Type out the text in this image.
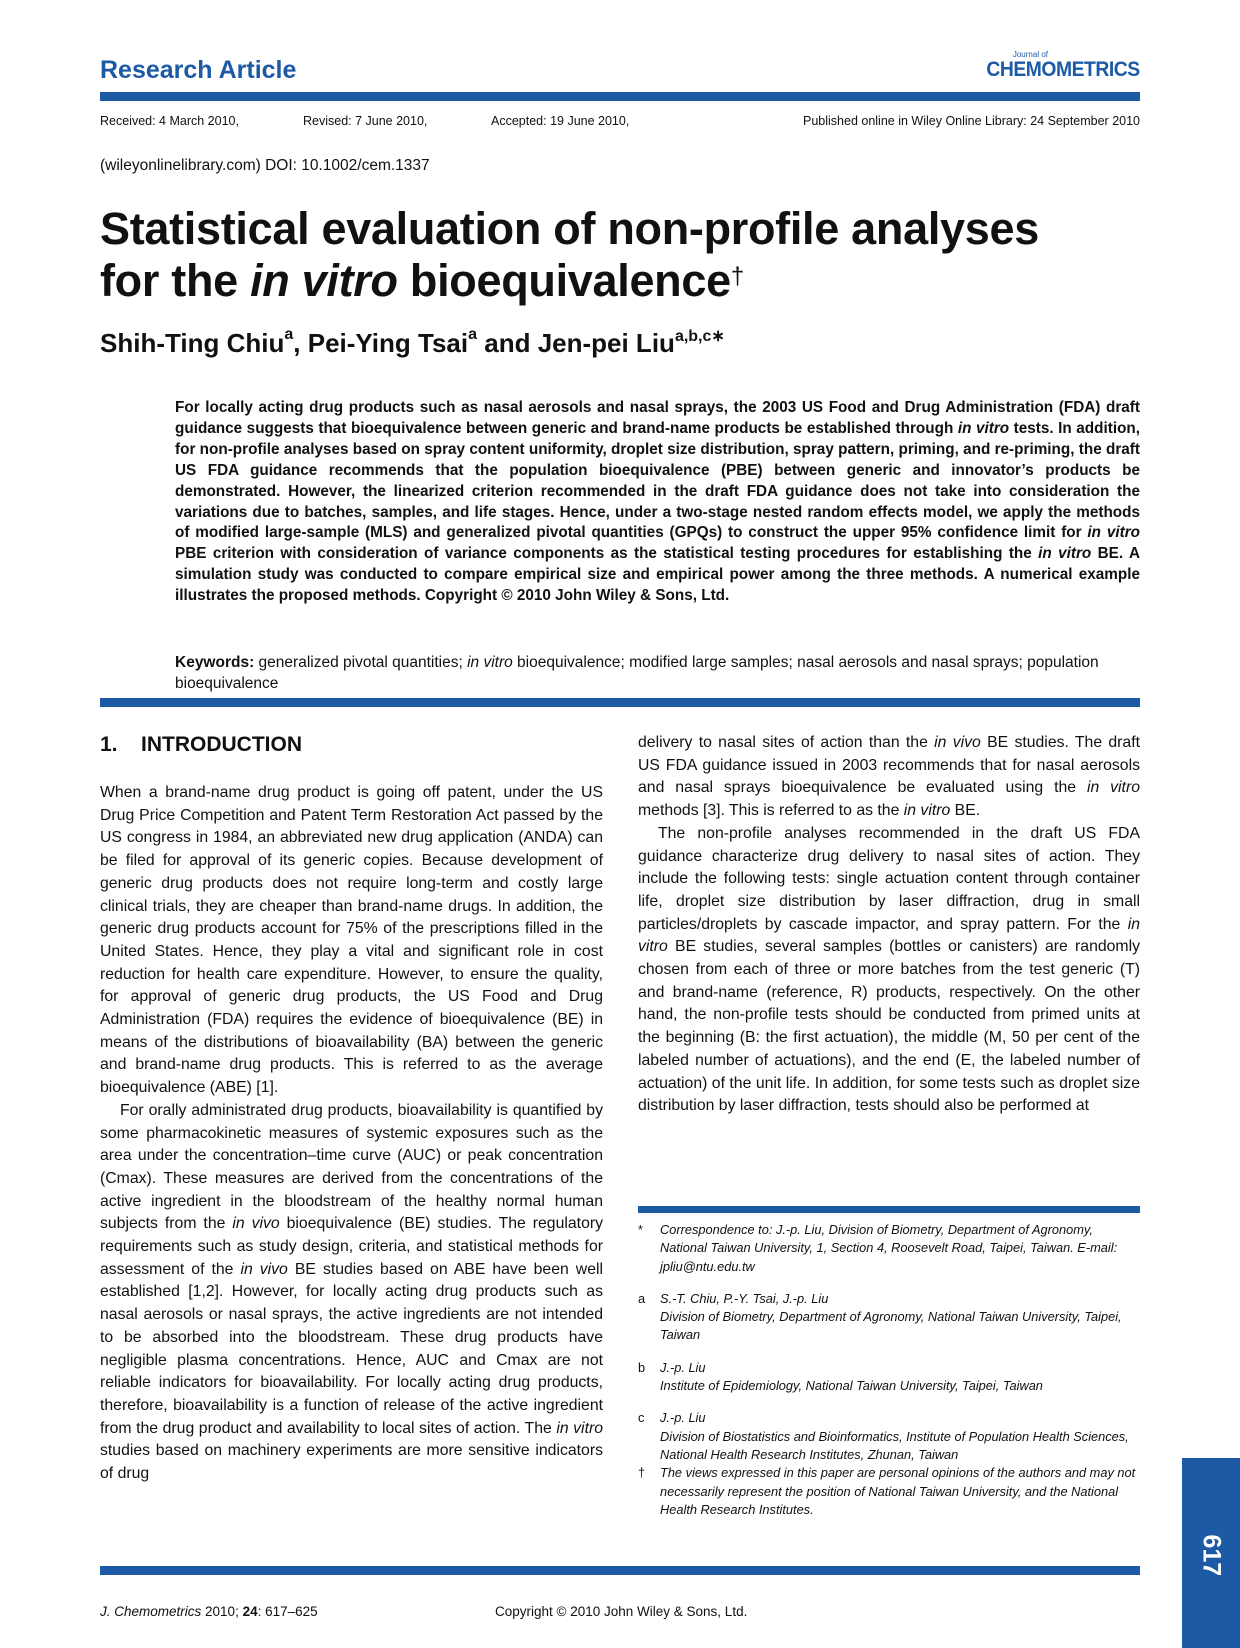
Research Article
Journal of
CHEMOMETRICS
Received: 4 March 2010,	Revised: 7 June 2010,	Accepted: 19 June 2010,	Published online in Wiley Online Library: 24 September 2010
(wileyonlinelibrary.com) DOI: 10.1002/cem.1337
Statistical evaluation of non-profile analyses
for the in vitro bioequivalence†
Shih-Ting Chiu$^a$, Pei-Ying Tsai$^a$ and Jen-pei Liu$^{a,b,c∗}$
For locally acting drug products such as nasal aerosols and nasal sprays, the 2003 US Food and Drug Administration (FDA) draft guidance suggests that bioequivalence between generic and brand-name products be established through in vitro tests. In addition, for non-profile analyses based on spray content uniformity, droplet size distribution, spray pattern, priming, and re-priming, the draft US FDA guidance recommends that the population bioequivalence (PBE) between generic and innovator’s products be demonstrated. However, the linearized criterion recommended in the draft FDA guidance does not take into consideration the variations due to batches, samples, and life stages. Hence, under a two-stage nested random effects model, we apply the methods of modified large-sample (MLS) and generalized pivotal quantities (GPQs) to construct the upper 95% confidence limit for in vitro PBE criterion with consideration of variance components as the statistical testing procedures for establishing the in vitro BE. A simulation study was conducted to compare empirical size and empirical power among the three methods. A numerical example illustrates the proposed methods. Copyright © 2010 John Wiley & Sons, Ltd.
Keywords: generalized pivotal quantities; in vitro bioequivalence; modified large samples; nasal aerosols and nasal sprays; population bioequivalence
1.   INTRODUCTION

When a brand-name drug product is going off patent, under the US Drug Price Competition and Patent Term Restoration Act passed by the US congress in 1984, an abbreviated new drug application (ANDA) can be filed for approval of its generic copies. Because development of generic drug products does not require long-term and costly large clinical trials, they are cheaper than brand-name drugs. In addition, the generic drug products account for 75% of the prescriptions filled in the United States. Hence, they play a vital and significant role in cost reduction for health care expenditure. However, to ensure the quality, for approval of generic drug products, the US Food and Drug Administration (FDA) requires the evidence of bioequivalence (BE) in means of the distributions of bioavailability (BA) between the generic and brand-name drug products. This is referred to as the average bioequivalence (ABE) [1].

For orally administrated drug products, bioavailability is quantified by some pharmacokinetic measures of systemic exposures such as the area under the concentration–time curve (AUC) or peak concentration (Cmax). These measures are derived from the concentrations of the active ingredient in the bloodstream of the healthy normal human subjects from the in vivo bioequivalence (BE) studies. The regulatory requirements such as study design, criteria, and statistical methods for assessment of the in vivo BE studies based on ABE have been well established [1,2]. However, for locally acting drug products such as nasal aerosols or nasal sprays, the active ingredients are not intended to be absorbed into the bloodstream. These drug products have negligible plasma concentrations. Hence, AUC and Cmax are not reliable indicators for bioavailability. For locally acting drug products, therefore, bioavailability is a function of release of the active ingredient from the drug product and availability to local sites of action. The in vitro studies based on machinery experiments are more sensitive indicators of drug

delivery to nasal sites of action than the in vivo BE studies. The draft US FDA guidance issued in 2003 recommends that for nasal aerosols and nasal sprays bioequivalence be evaluated using the in vitro methods [3]. This is referred to as the in vitro BE.

The non-profile analyses recommended in the draft US FDA guidance characterize drug delivery to nasal sites of action. They include the following tests: single actuation content through container life, droplet size distribution by laser diffraction, drug in small particles/droplets by cascade impactor, and spray pattern. For the in vitro BE studies, several samples (bottles or canisters) are randomly chosen from each of three or more batches from the test generic (T) and brand-name (reference, R) products, respectively. On the other hand, the non-profile tests should be conducted from primed units at the beginning (B: the first actuation), the middle (M, 50 per cent of the labeled number of actuations), and the end (E, the labeled number of actuation) of the unit life. In addition, for some tests such as droplet size distribution by laser diffraction, tests should also be performed at

* Correspondence to: J.-p. Liu, Division of Biometry, Department of Agronomy, National Taiwan University, 1, Section 4, Roosevelt Road, Taipei, Taiwan. E-mail: jpliu@ntu.edu.tw
a S.-T. Chiu, P.-Y. Tsai, J.-p. Liu
Division of Biometry, Department of Agronomy, National Taiwan University, Taipei, Taiwan
b J.-p. Liu
Institute of Epidemiology, National Taiwan University, Taipei, Taiwan
c J.-p. Liu
Division of Biostatistics and Bioinformatics, Institute of Population Health Sciences, National Health Research Institutes, Zhunan, Taiwan
† The views expressed in this paper are personal opinions of the authors and may not necessarily represent the position of National Taiwan University, and the National Health Research Institutes.
617
J. Chemometrics 2010; 24: 617–625	Copyright © 2010 John Wiley & Sons, Ltd.
